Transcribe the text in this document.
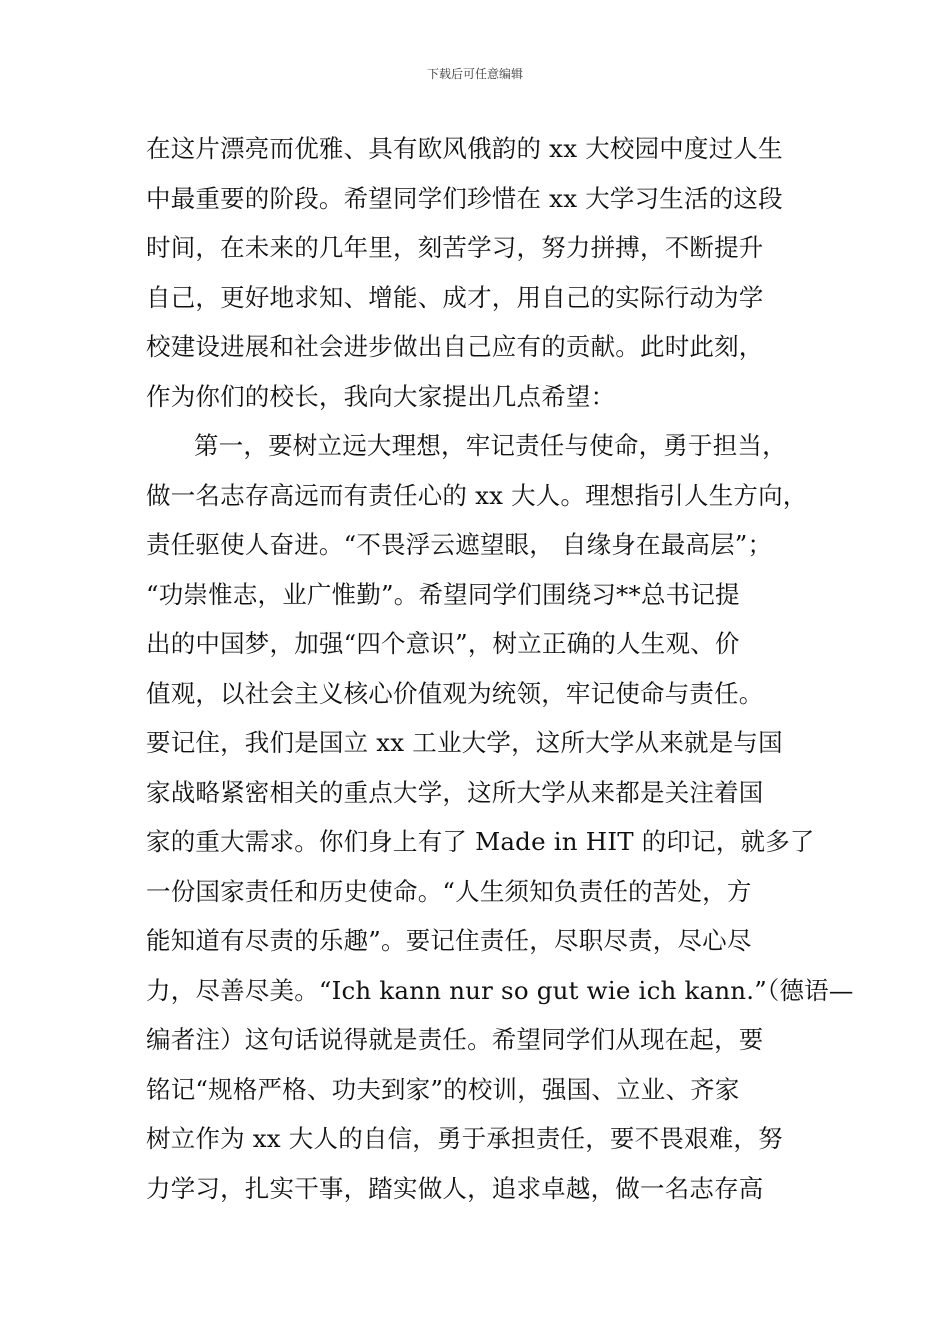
下载后可任意编辑
在这片漂亮而优雅、具有欧风俄韵的 xx 大校园中度过人生
中最重要的阶段。希望同学们珍惜在 xx 大学习生活的这段
时间，在未来的几年里，刻苦学习，努力拼搏，不断提升
自己，更好地求知、增能、成才，用自己的实际行动为学
校建设进展和社会进步做出自己应有的贡献。此时此刻，
作为你们的校长，我向大家提出几点希望：
第一，要树立远大理想，牢记责任与使命，勇于担当，
做一名志存高远而有责任心的 xx 大人。理想指引人生方向，
责任驱使人奋进。“不畏浮云遮望眼， 自缘身在最高层”；
“功崇惟志，业广惟勤”。希望同学们围绕习**总书记提
出的中国梦，加强“四个意识”，树立正确的人生观、价
值观，以社会主义核心价值观为统领，牢记使命与责任。
要记住，我们是国立 xx 工业大学，这所大学从来就是与国
家战略紧密相关的重点大学，这所大学从来都是关注着国
家的重大需求。你们身上有了 Made in HIT 的印记，就多了
一份国家责任和历史使命。“人生须知负责任的苦处，方
能知道有尽责的乐趣”。要记住责任，尽职尽责，尽心尽
力，尽善尽美。“Ich kann nur so gut wie ich kann.”（德语—
编者注）这句话说得就是责任。希望同学们从现在起，要
铭记“规格严格、功夫到家”的校训，强国、立业、齐家
树立作为 xx 大人的自信，勇于承担责任，要不畏艰难，努
力学习，扎实干事，踏实做人，追求卓越，做一名志存高
